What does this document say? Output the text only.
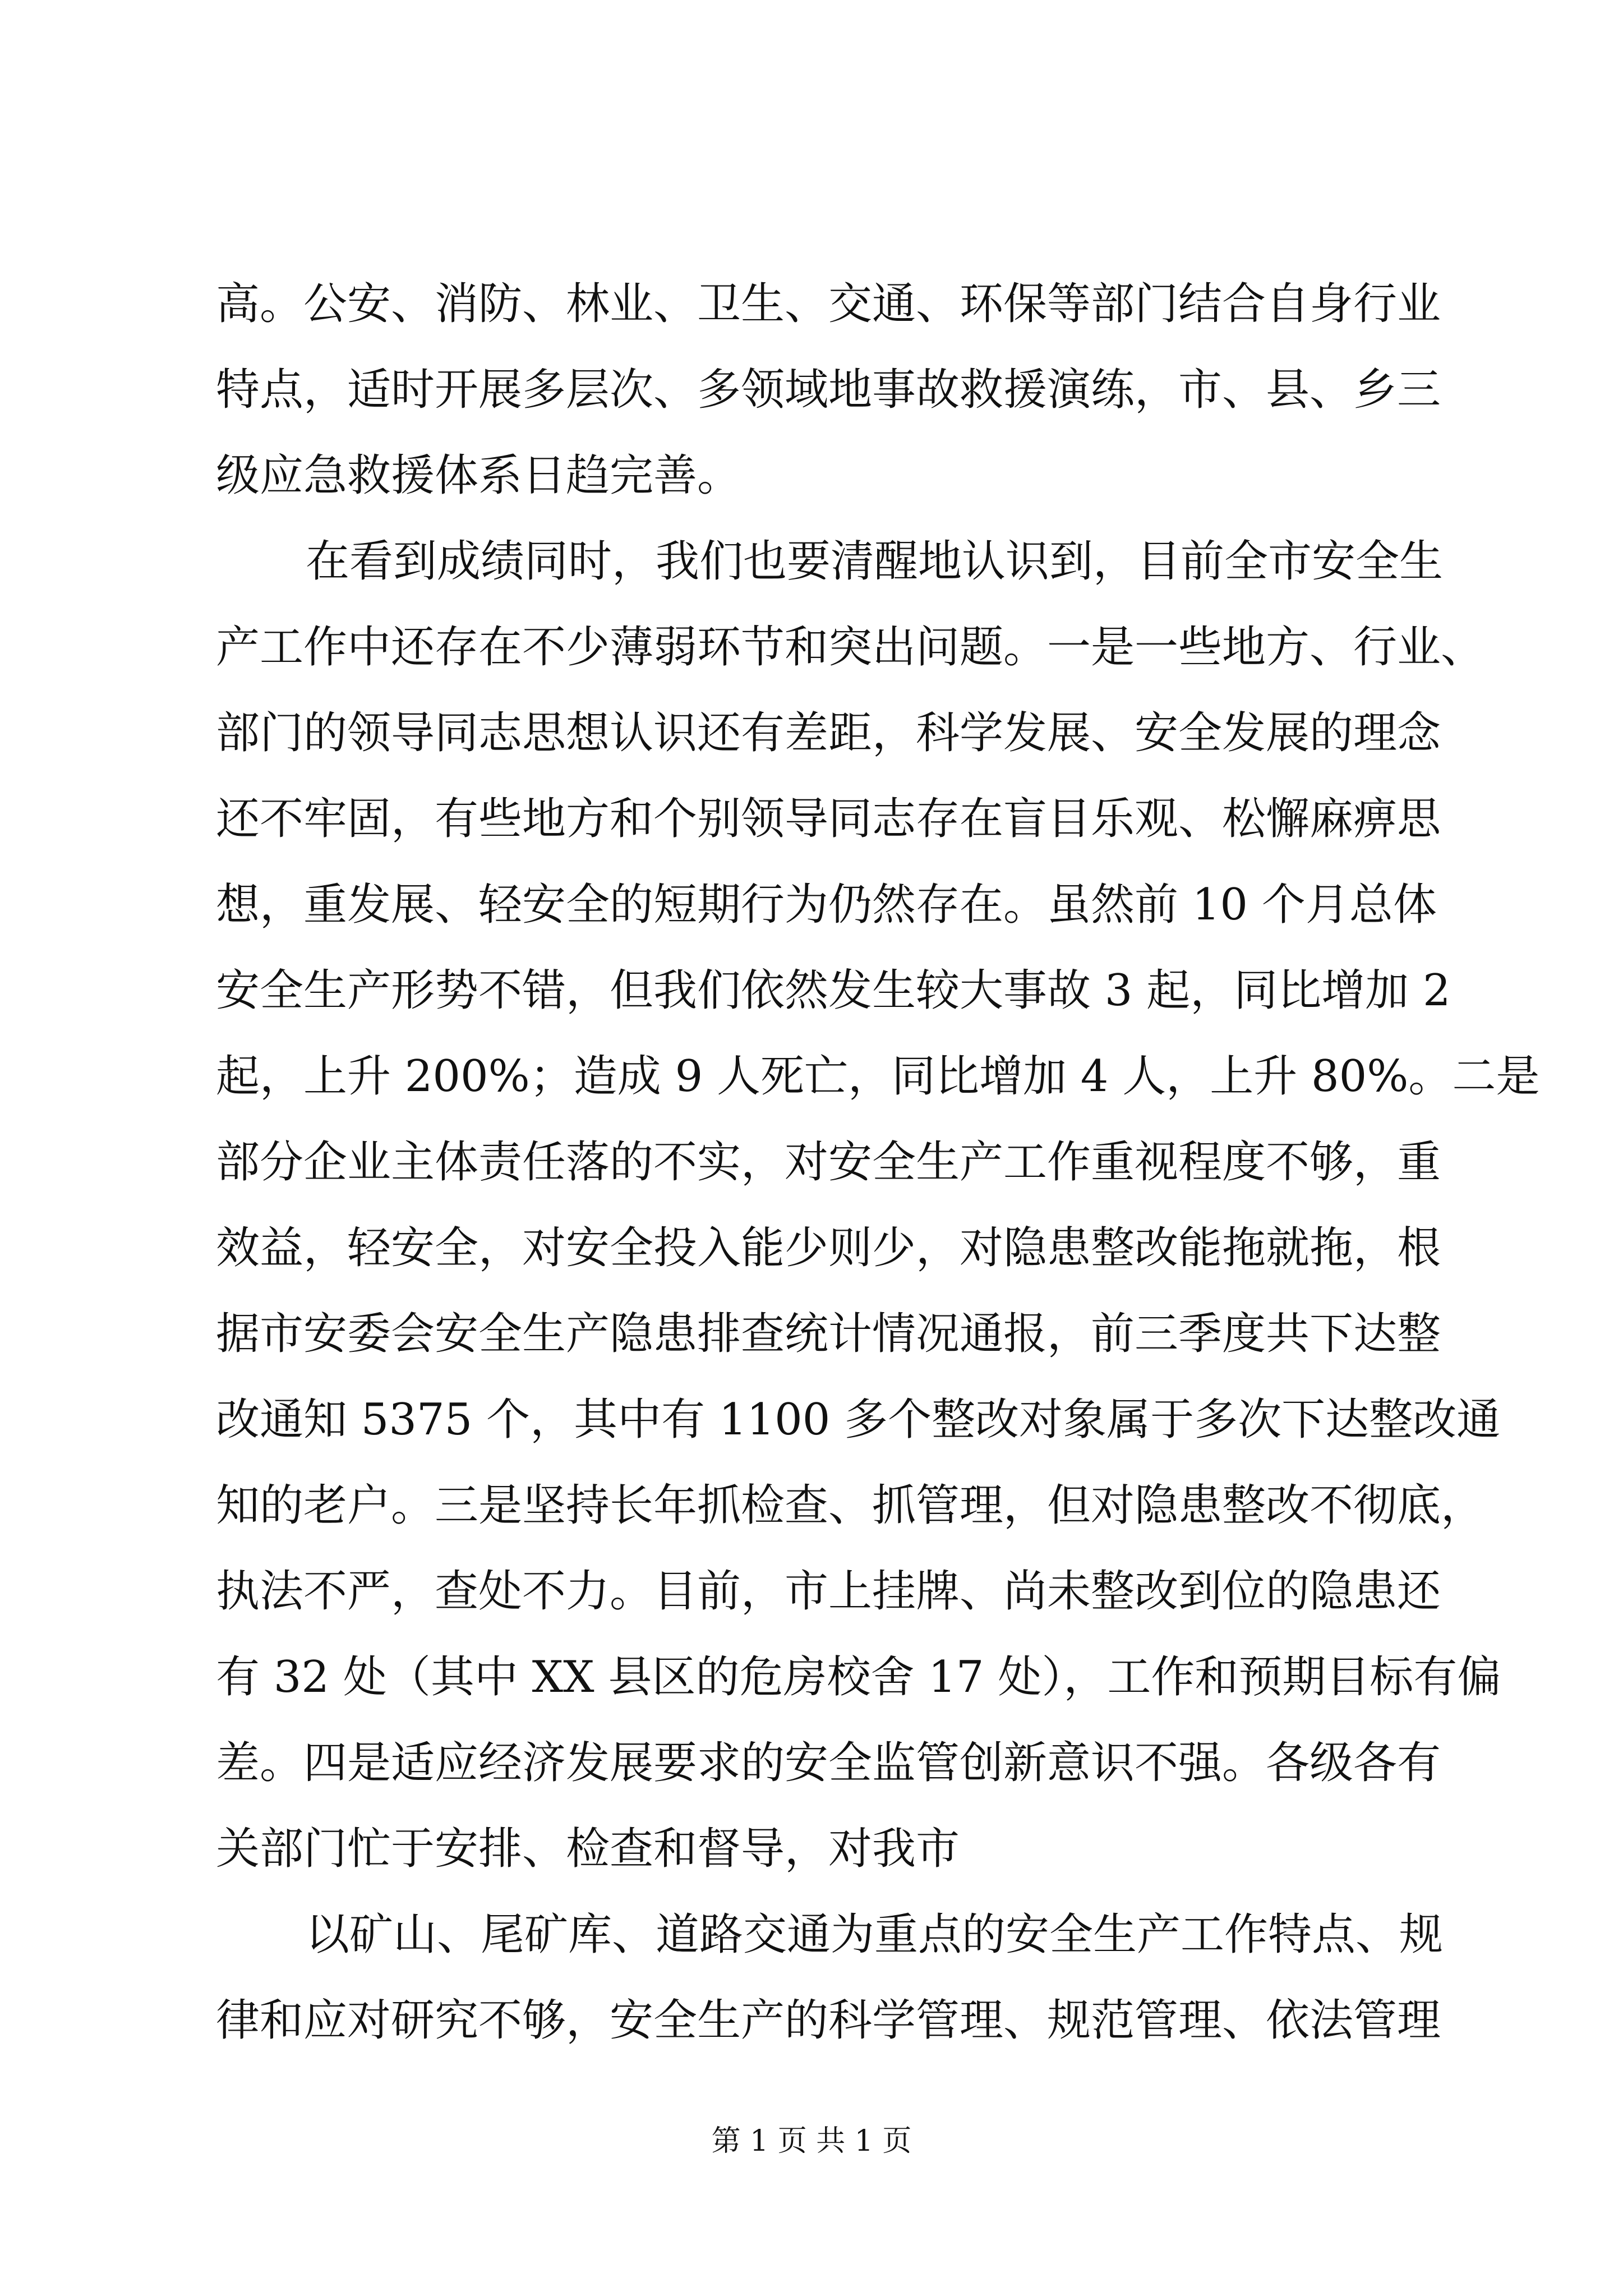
高。公安、消防、林业、卫生、交通、环保等部门结合自身行业
特点，适时开展多层次、多领域地事故救援演练，市、县、乡三
级应急救援体系日趋完善。
在看到成绩同时，我们也要清醒地认识到，目前全市安全生
产工作中还存在不少薄弱环节和突出问题。一是一些地方、行业、
部门的领导同志思想认识还有差距，科学发展、安全发展的理念
还不牢固，有些地方和个别领导同志存在盲目乐观、松懈麻痹思
想，重发展、轻安全的短期行为仍然存在。虽然前 10 个月总体
安全生产形势不错，但我们依然发生较大事故 3 起，同比增加 2
起，上升 200%；造成 9 人死亡，同比增加 4 人，上升 80%。二是
部分企业主体责任落的不实，对安全生产工作重视程度不够，重
效益，轻安全，对安全投入能少则少，对隐患整改能拖就拖，根
据市安委会安全生产隐患排查统计情况通报，前三季度共下达整
改通知 5375 个，其中有 1100 多个整改对象属于多次下达整改通
知的老户。三是坚持长年抓检查、抓管理，但对隐患整改不彻底，
执法不严，查处不力。目前，市上挂牌、尚未整改到位的隐患还
有 32 处（其中 XX 县区的危房校舍 17 处），工作和预期目标有偏
差。四是适应经济发展要求的安全监管创新意识不强。各级各有
关部门忙于安排、检查和督导，对我市
以矿山、尾矿库、道路交通为重点的安全生产工作特点、规
律和应对研究不够，安全生产的科学管理、规范管理、依法管理
第 1 页 共 1 页
